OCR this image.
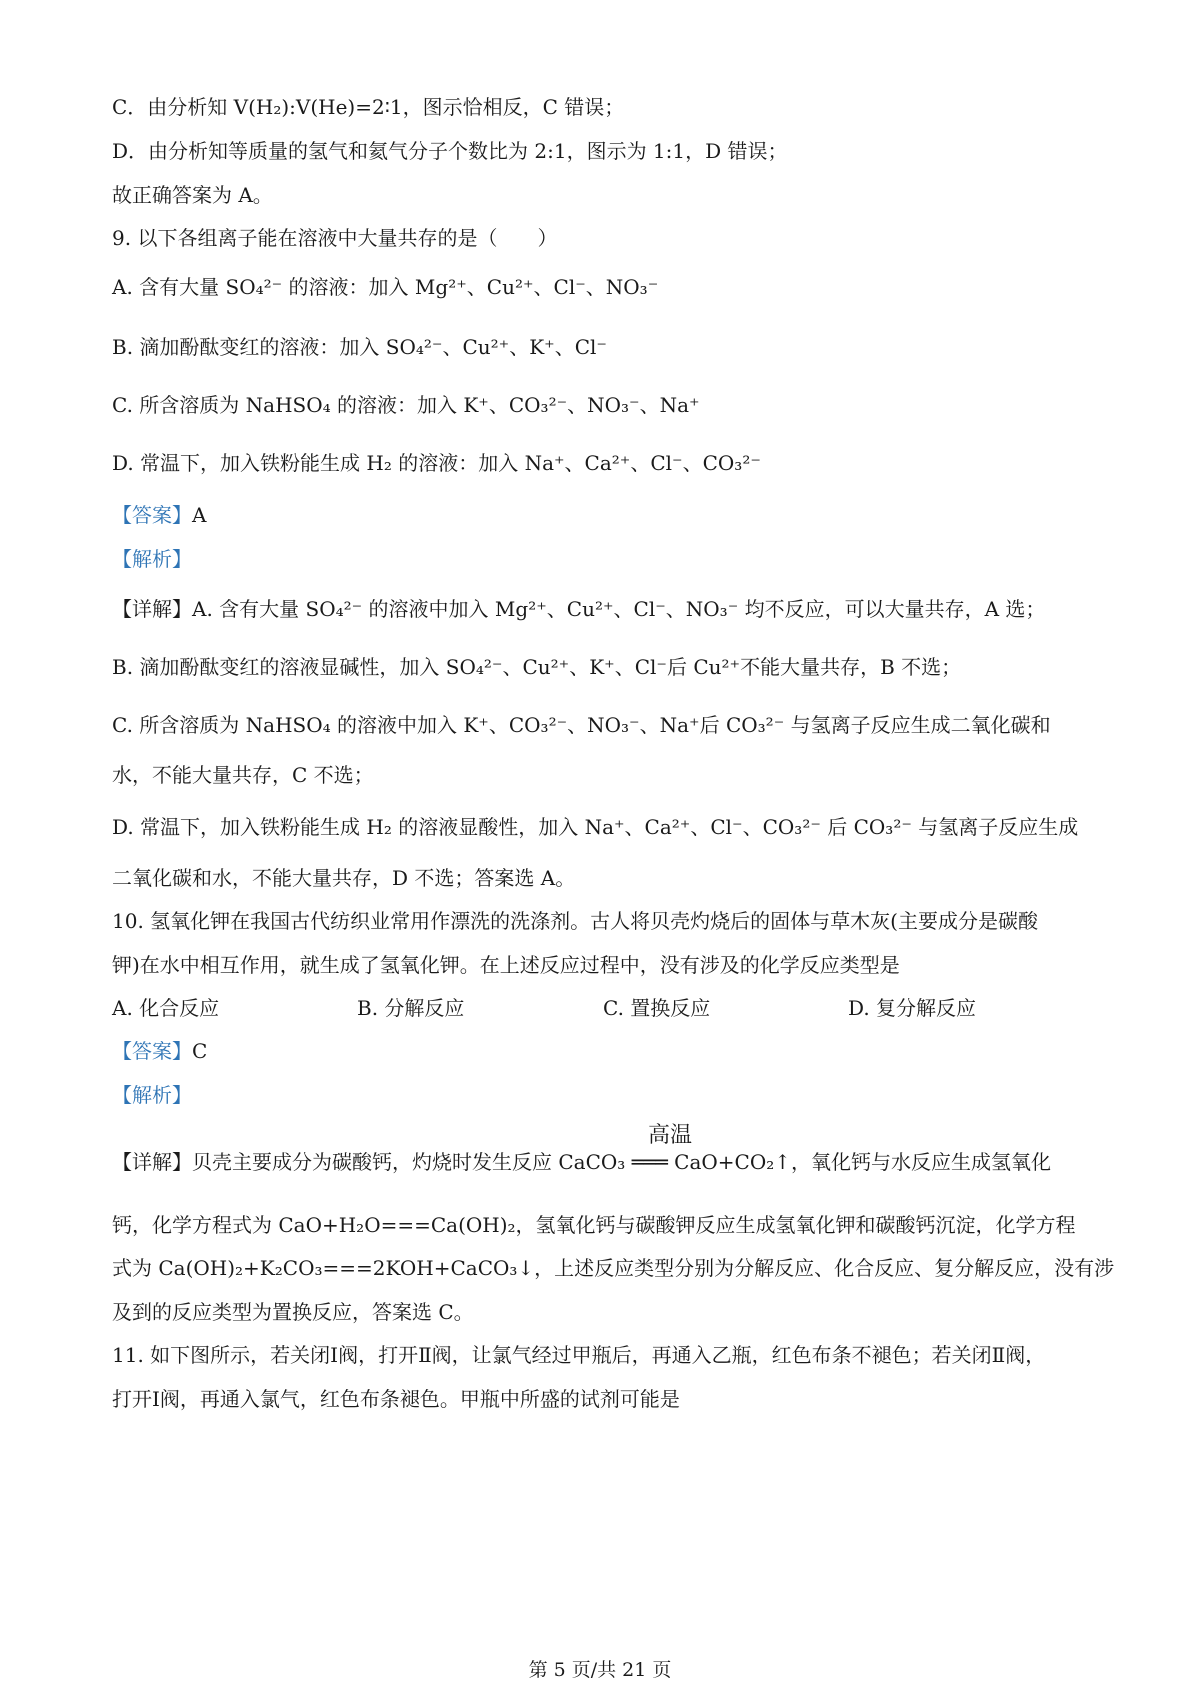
C．由分析知 V(H₂):V(He)=2∶1，图示恰相反，C 错误；
D．由分析知等质量的氢气和氦气分子个数比为 2:1，图示为 1:1，D 错误；
故正确答案为 A。
9. 以下各组离子能在溶液中大量共存的是（　　）
A. 含有大量 SO₄²⁻ 的溶液：加入 Mg²⁺、Cu²⁺、Cl⁻、NO₃⁻
B. 滴加酚酞变红的溶液：加入 SO₄²⁻、Cu²⁺、K⁺、Cl⁻
C. 所含溶质为 NaHSO₄ 的溶液：加入 K⁺、CO₃²⁻、NO₃⁻、Na⁺
D. 常温下，加入铁粉能生成 H₂ 的溶液：加入 Na⁺、Ca²⁺、Cl⁻、CO₃²⁻
【答案】A
【解析】
【详解】A. 含有大量 SO₄²⁻ 的溶液中加入 Mg²⁺、Cu²⁺、Cl⁻、NO₃⁻ 均不反应，可以大量共存，A 选；
B. 滴加酚酞变红的溶液显碱性，加入 SO₄²⁻、Cu²⁺、K⁺、Cl⁻后 Cu²⁺不能大量共存，B 不选；
C. 所含溶质为 NaHSO₄ 的溶液中加入 K⁺、CO₃²⁻、NO₃⁻、Na⁺后 CO₃²⁻ 与氢离子反应生成二氧化碳和
水，不能大量共存，C 不选；
D. 常温下，加入铁粉能生成 H₂ 的溶液显酸性，加入 Na⁺、Ca²⁺、Cl⁻、CO₃²⁻ 后 CO₃²⁻ 与氢离子反应生成
二氧化碳和水，不能大量共存，D 不选；答案选 A。
10. 氢氧化钾在我国古代纺织业常用作漂洗的洗涤剂。古人将贝壳灼烧后的固体与草木灰(主要成分是碳酸
钾)在水中相互作用，就生成了氢氧化钾。在上述反应过程中，没有涉及的化学反应类型是
A. 化合反应	B. 分解反应	C. 置换反应	D. 复分解反应
【答案】C
【解析】
高温
【详解】贝壳主要成分为碳酸钙，灼烧时发生反应 CaCO₃ ═══ CaO+CO₂↑，氧化钙与水反应生成氢氧化
钙，化学方程式为 CaO+H₂O===Ca(OH)₂，氢氧化钙与碳酸钾反应生成氢氧化钾和碳酸钙沉淀，化学方程
式为 Ca(OH)₂+K₂CO₃===2KOH+CaCO₃↓，上述反应类型分别为分解反应、化合反应、复分解反应，没有涉
及到的反应类型为置换反应，答案选 C。
11. 如下图所示，若关闭Ⅰ阀，打开Ⅱ阀，让氯气经过甲瓶后，再通入乙瓶，红色布条不褪色；若关闭Ⅱ阀，
打开Ⅰ阀，再通入氯气，红色布条褪色。甲瓶中所盛的试剂可能是
第 5 页/共 21 页
